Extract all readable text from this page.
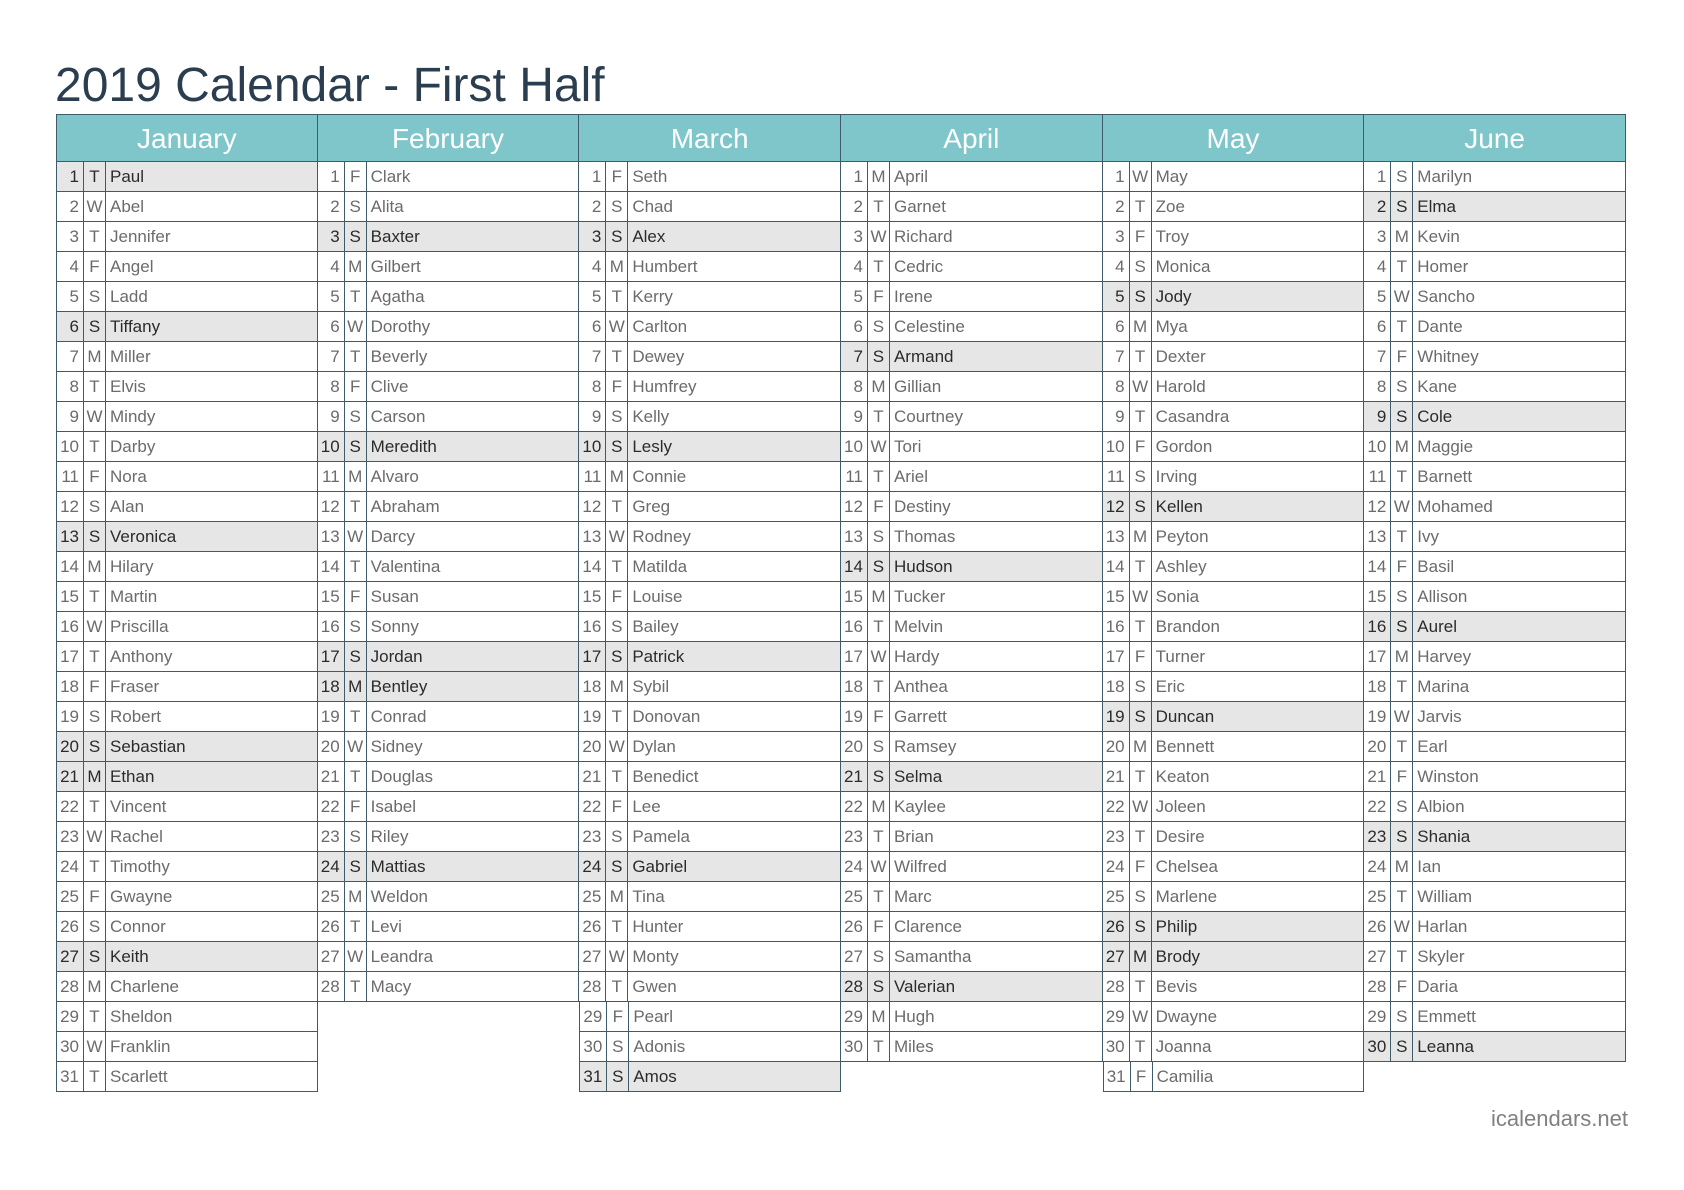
2019 Calendar - First Half
January
1 T Paul
2 W Abel
3 T Jennifer
4 F Angel
5 S Ladd
6 S Tiffany
7 M Miller
8 T Elvis
9 W Mindy
10 T Darby
11 F Nora
12 S Alan
13 S Veronica
14 M Hilary
15 T Martin
16 W Priscilla
17 T Anthony
18 F Fraser
19 S Robert
20 S Sebastian
21 M Ethan
22 T Vincent
23 W Rachel
24 T Timothy
25 F Gwayne
26 S Connor
27 S Keith
28 M Charlene
29 T Sheldon
30 W Franklin
31 T Scarlett
February
1 F Clark
2 S Alita
3 S Baxter
4 M Gilbert
5 T Agatha
6 W Dorothy
7 T Beverly
8 F Clive
9 S Carson
10 S Meredith
11 M Alvaro
12 T Abraham
13 W Darcy
14 T Valentina
15 F Susan
16 S Sonny
17 S Jordan
18 M Bentley
19 T Conrad
20 W Sidney
21 T Douglas
22 F Isabel
23 S Riley
24 S Mattias
25 M Weldon
26 T Levi
27 W Leandra
28 T Macy
March
1 F Seth
2 S Chad
3 S Alex
4 M Humbert
5 T Kerry
6 W Carlton
7 T Dewey
8 F Humfrey
9 S Kelly
10 S Lesly
11 M Connie
12 T Greg
13 W Rodney
14 T Matilda
15 F Louise
16 S Bailey
17 S Patrick
18 M Sybil
19 T Donovan
20 W Dylan
21 T Benedict
22 F Lee
23 S Pamela
24 S Gabriel
25 M Tina
26 T Hunter
27 W Monty
28 T Gwen
29 F Pearl
30 S Adonis
31 S Amos
April
1 M April
2 T Garnet
3 W Richard
4 T Cedric
5 F Irene
6 S Celestine
7 S Armand
8 M Gillian
9 T Courtney
10 W Tori
11 T Ariel
12 F Destiny
13 S Thomas
14 S Hudson
15 M Tucker
16 T Melvin
17 W Hardy
18 T Anthea
19 F Garrett
20 S Ramsey
21 S Selma
22 M Kaylee
23 T Brian
24 W Wilfred
25 T Marc
26 F Clarence
27 S Samantha
28 S Valerian
29 M Hugh
30 T Miles
May
1 W May
2 T Zoe
3 F Troy
4 S Monica
5 S Jody
6 M Mya
7 T Dexter
8 W Harold
9 T Casandra
10 F Gordon
11 S Irving
12 S Kellen
13 M Peyton
14 T Ashley
15 W Sonia
16 T Brandon
17 F Turner
18 S Eric
19 S Duncan
20 M Bennett
21 T Keaton
22 W Joleen
23 T Desire
24 F Chelsea
25 S Marlene
26 S Philip
27 M Brody
28 T Bevis
29 W Dwayne
30 T Joanna
31 F Camilia
June
1 S Marilyn
2 S Elma
3 M Kevin
4 T Homer
5 W Sancho
6 T Dante
7 F Whitney
8 S Kane
9 S Cole
10 M Maggie
11 T Barnett
12 W Mohamed
13 T Ivy
14 F Basil
15 S Allison
16 S Aurel
17 M Harvey
18 T Marina
19 W Jarvis
20 T Earl
21 F Winston
22 S Albion
23 S Shania
24 M Ian
25 T William
26 W Harlan
27 T Skyler
28 F Daria
29 S Emmett
30 S Leanna
icalendars.net
